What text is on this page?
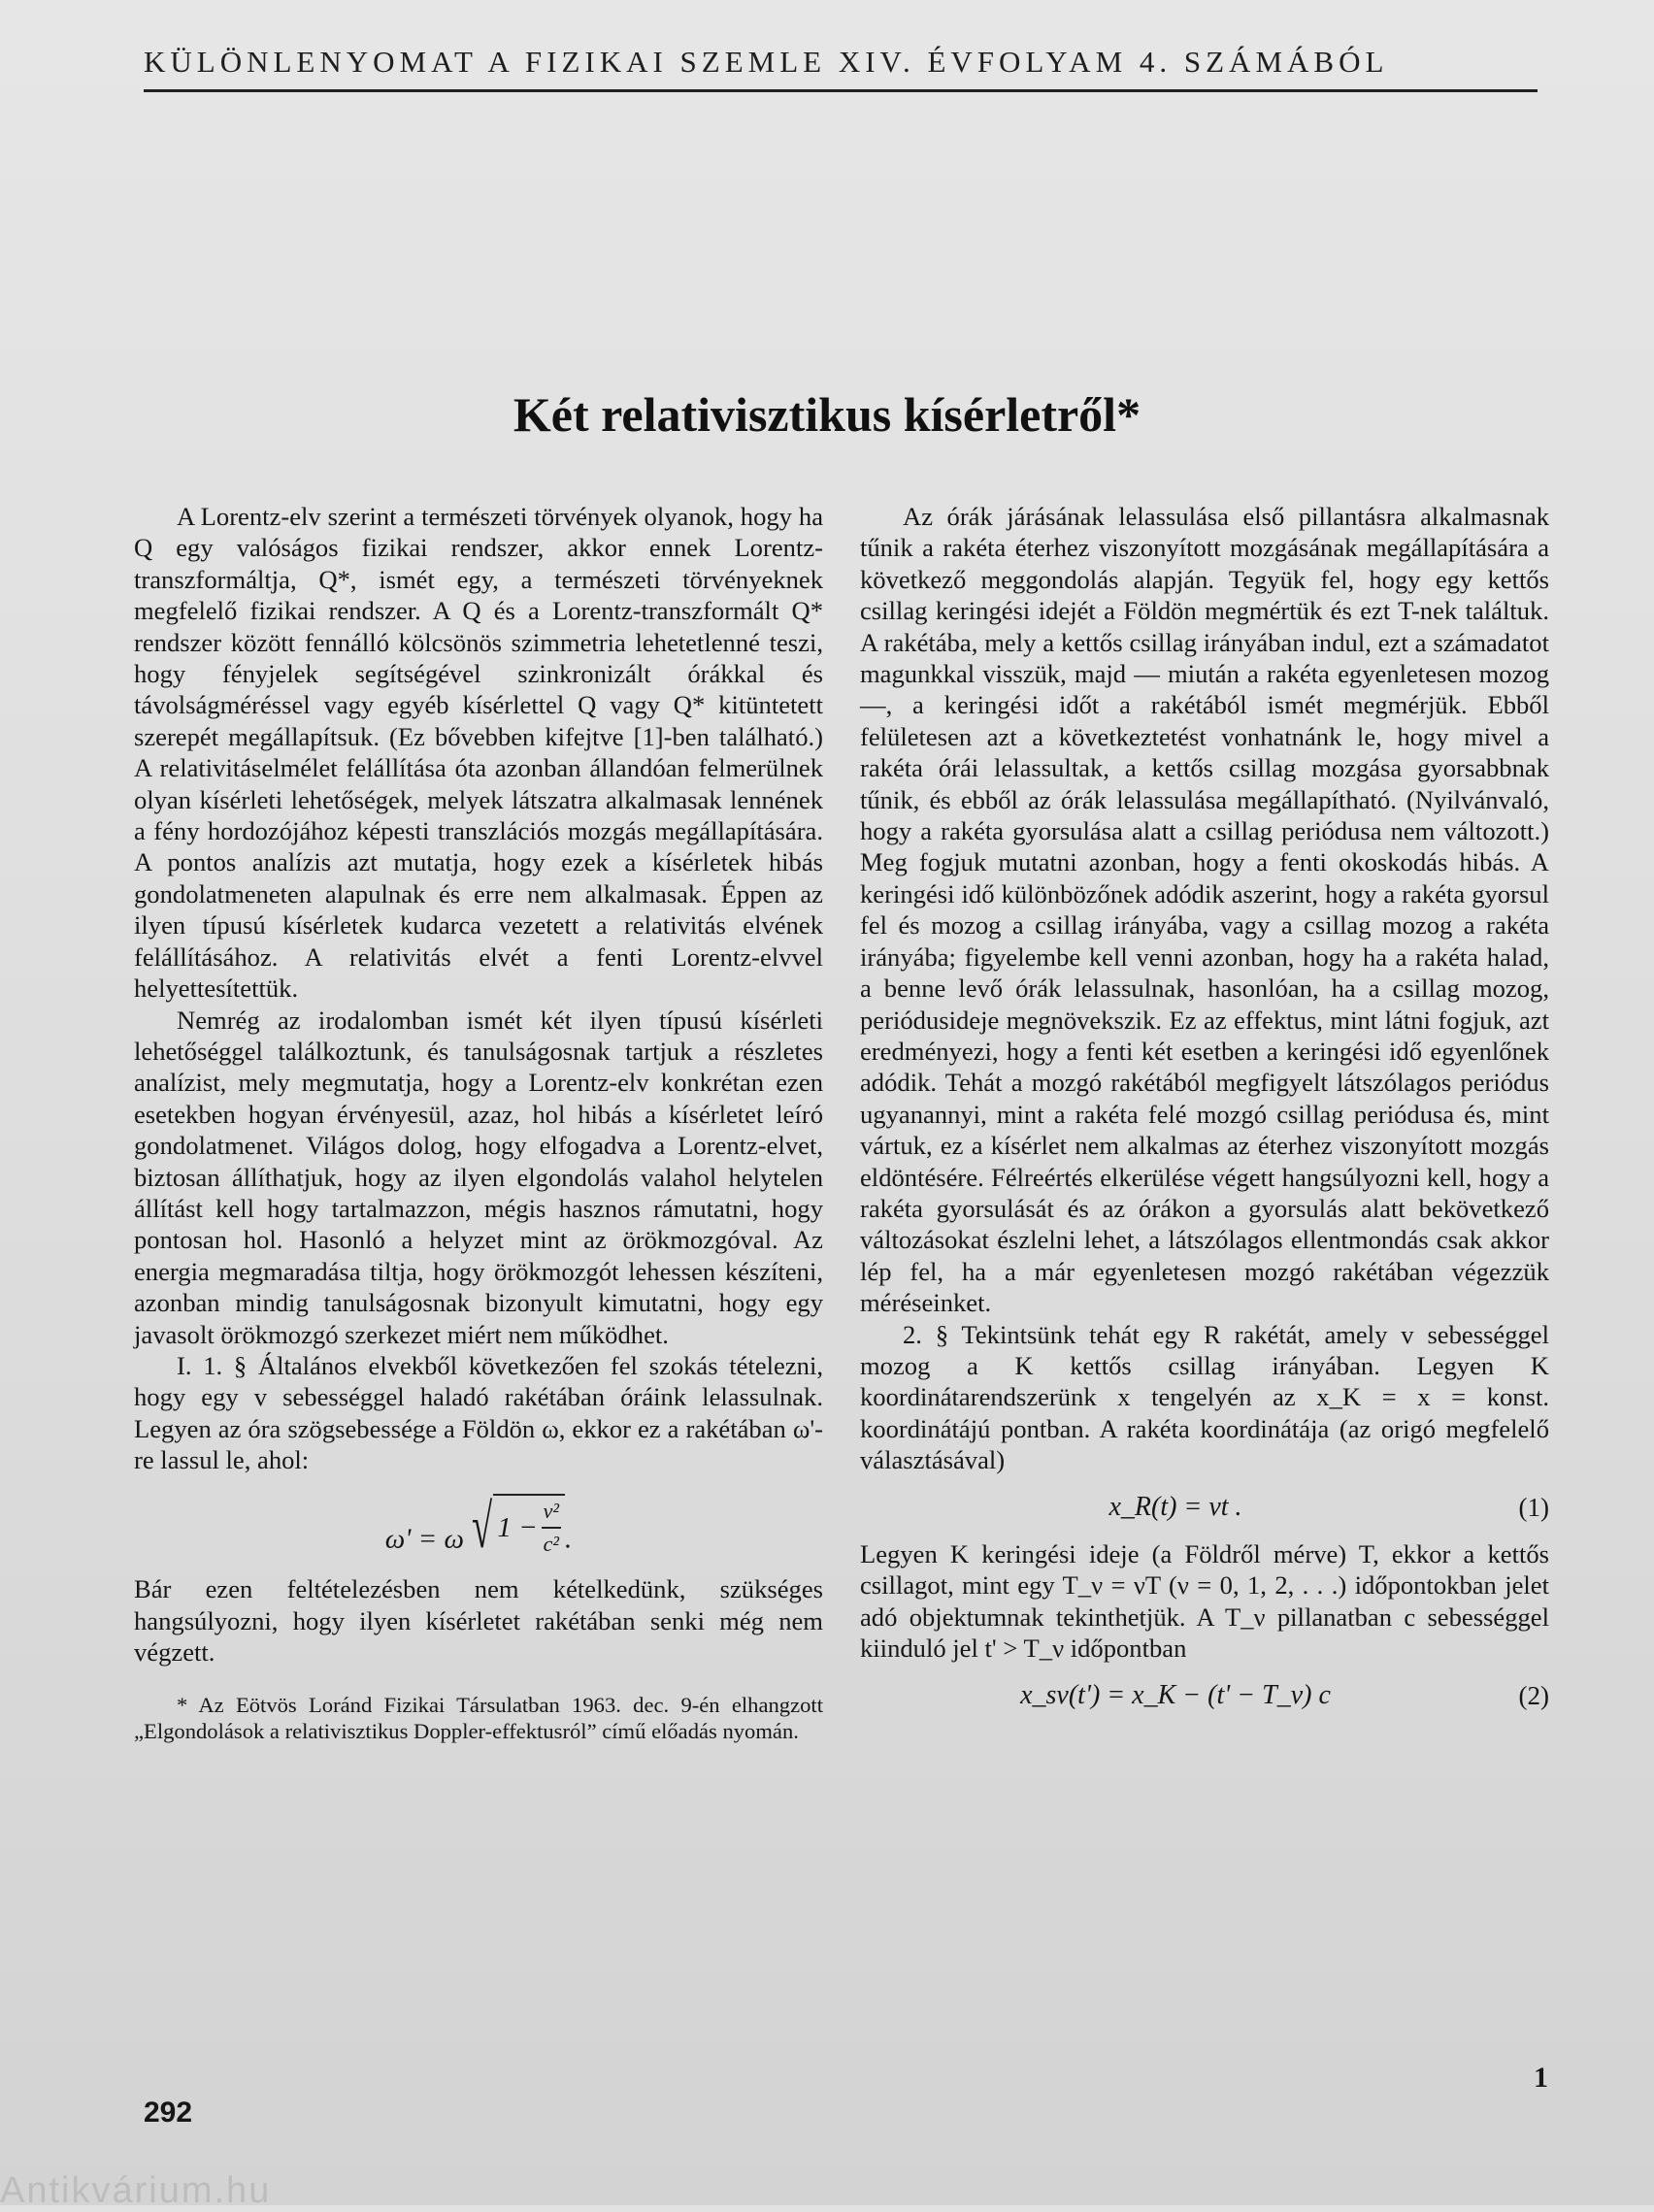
KÜLÖNLENYOMAT A FIZIKAI SZEMLE XIV. ÉVFOLYAM 4. SZÁMÁBÓL
Két relativisztikus kísérletről*

A Lorentz-elv szerint a természeti törvények olyanok, hogy ha Q egy valóságos fizikai rendszer, akkor ennek Lorentz-transzformáltja, Q*, ismét egy, a természeti törvényeknek megfelelő fizikai rendszer. A Q és a Lorentz-transzformált Q* rendszer között fennálló kölcsönös szimmetria lehetetlenné teszi, hogy fényjelek segítségével szinkronizált órákkal és távolságméréssel vagy egyéb kísérlettel Q vagy Q* kitüntetett szerepét megállapítsuk. (Ez bővebben kifejtve [1]-ben található.) A relativitáselmélet felállítása óta azonban állandóan felmerülnek olyan kísérleti lehetőségek, melyek látszatra alkalmasak lennének a fény hordozójához képesti transzlációs mozgás megállapítására. A pontos analízis azt mutatja, hogy ezek a kísérletek hibás gondolatmeneten alapulnak és erre nem alkalmasak. Éppen az ilyen típusú kísérletek kudarca vezetett a relativitás elvének felállításához. A relativitás elvét a fenti Lorentz-elvvel helyettesítettük.

Nemrég az irodalomban ismét két ilyen típusú kísérleti lehetőséggel találkoztunk, és tanulságosnak tartjuk a részletes analízist, mely megmutatja, hogy a Lorentz-elv konkrétan ezen esetekben hogyan érvényesül, azaz, hol hibás a kísérletet leíró gondolatmenet. Világos dolog, hogy elfogadva a Lorentz-elvet, biztosan állíthatjuk, hogy az ilyen elgondolás valahol helytelen állítást kell hogy tartalmazzon, mégis hasznos rámutatni, hogy pontosan hol. Hasonló a helyzet mint az örökmozgóval. Az energia megmaradása tiltja, hogy örökmozgót lehessen készíteni, azonban mindig tanulságosnak bizonyult kimutatni, hogy egy javasolt örökmozgó szerkezet miért nem működhet.

I. 1. § Általános elvekből következően fel szokás tételezni, hogy egy v sebességgel haladó rakétában óráink lelassulnak. Legyen az óra szögsebessége a Földön ω, ekkor ez a rakétában ω'-re lassul le, ahol:

ω' = ω √ $1 - \frac{\text{v²}}{\text{c²}}$ .

Bár ezen feltételezésben nem kételkedünk, szükséges hangsúlyozni, hogy ilyen kísérletet rakétában senki még nem végzett.

* Az Eötvös Loránd Fizikai Társulatban 1963. dec. 9-én elhangzott „Elgondolások a relativisztikus Doppler-effektusról” című előadás nyomán.

Az órák járásának lelassulása első pillantásra alkalmasnak tűnik a rakéta éterhez viszonyított mozgásának megállapítására a következő meggondolás alapján. Tegyük fel, hogy egy kettős csillag keringési idejét a Földön megmértük és ezt T-nek találtuk. A rakétába, mely a kettős csillag irányában indul, ezt a számadatot magunkkal visszük, majd — miután a rakéta egyenletesen mozog —, a keringési időt a rakétából ismét megmérjük. Ebből felületesen azt a következtetést vonhatnánk le, hogy mivel a rakéta órái lelassultak, a kettős csillag mozgása gyorsabbnak tűnik, és ebből az órák lelassulása megállapítható. (Nyilvánvaló, hogy a rakéta gyorsulása alatt a csillag periódusa nem változott.) Meg fogjuk mutatni azonban, hogy a fenti okoskodás hibás. A keringési idő különbözőnek adódik aszerint, hogy a rakéta gyorsul fel és mozog a csillag irányába, vagy a csillag mozog a rakéta irányába; figyelembe kell venni azonban, hogy ha a rakéta halad, a benne levő órák lelassulnak, hasonlóan, ha a csillag mozog, periódusideje megnövekszik. Ez az effektus, mint látni fogjuk, azt eredményezi, hogy a fenti két esetben a keringési idő egyenlőnek adódik. Tehát a mozgó rakétából megfigyelt látszólagos periódus ugyanannyi, mint a rakéta felé mozgó csillag periódusa és, mint vártuk, ez a kísérlet nem alkalmas az éterhez viszonyított mozgás eldöntésére. Félreértés elkerülése végett hangsúlyozni kell, hogy a rakéta gyorsulását és az órákon a gyorsulás alatt bekövetkező változásokat észlelni lehet, a látszólagos ellentmondás csak akkor lép fel, ha a már egyenletesen mozgó rakétában végezzük méréseinket.

2. § Tekintsünk tehát egy R rakétát, amely v sebességgel mozog a K kettős csillag irányában. Legyen K koordinátarendszerünk x tengelyén az x_K = x = konst. koordinátájú pontban. A rakéta koordinátája (az origó megfelelő választásával)

x_R(t) = vt .	(1)

Legyen K keringési ideje (a Földről mérve) T, ekkor a kettős csillagot, mint egy T_ν = νT (ν = 0, 1, 2, . . .) időpontokban jelet adó objektumnak tekinthetjük. A T_ν pillanatban c sebességgel kiinduló jel t' > T_ν időpontban

x_sν(t') = x_K − (t' − T_ν) c	(2)
1
292
Antikvárium.hu
